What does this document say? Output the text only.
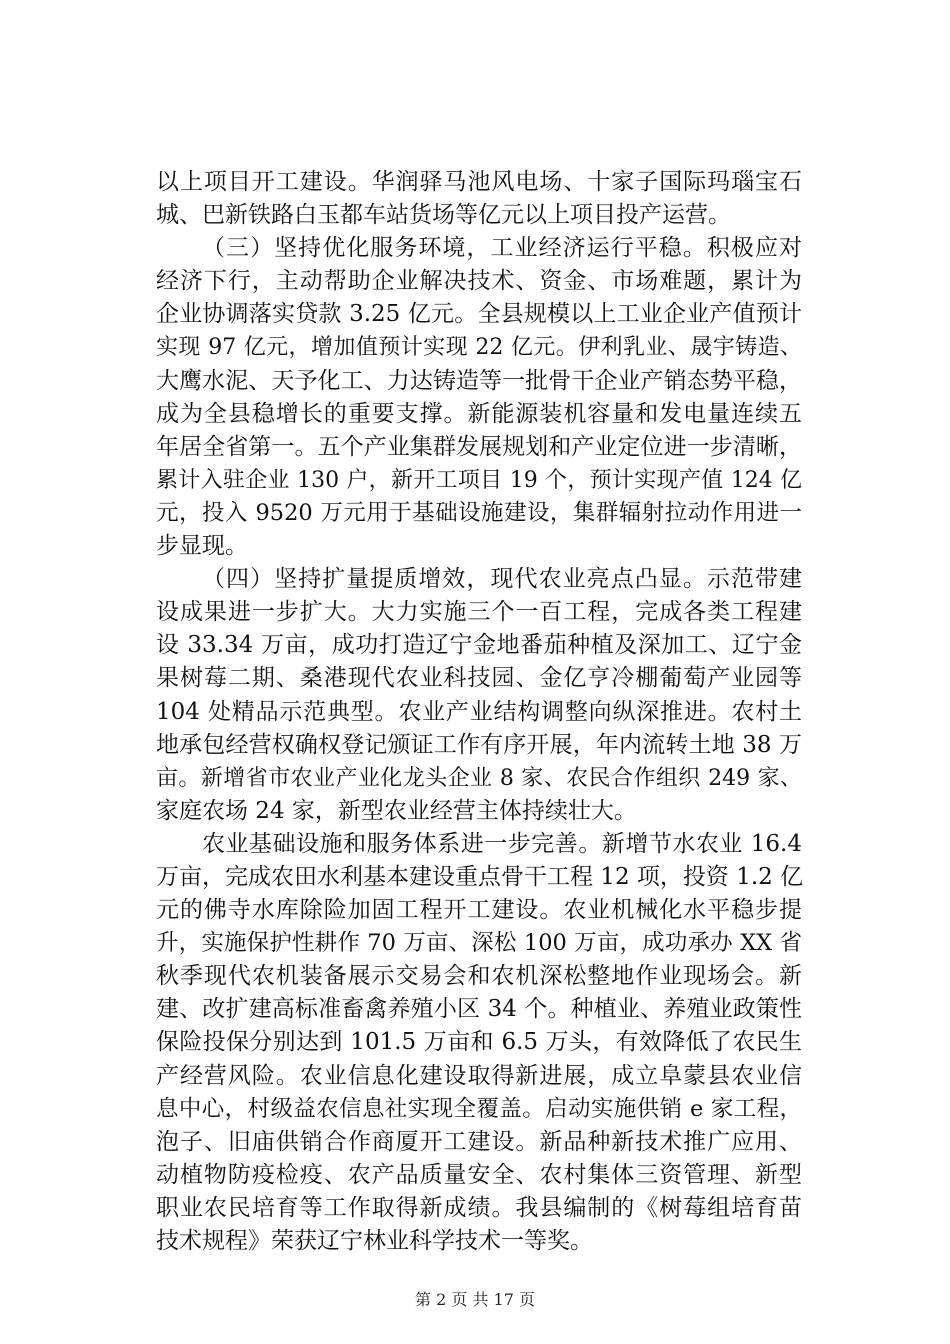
以上项目开工建设。华润驿马池风电场、十家子国际玛瑙宝石
城、巴新铁路白玉都车站货场等亿元以上项目投产运营。
（三）坚持优化服务环境，工业经济运行平稳。积极应对
经济下行，主动帮助企业解决技术、资金、市场难题，累计为
企业协调落实贷款 3.25 亿元。全县规模以上工业企业产值预计
实现 97 亿元，增加值预计实现 22 亿元。伊利乳业、晟宇铸造、
大鹰水泥、天予化工、力达铸造等一批骨干企业产销态势平稳，
成为全县稳增长的重要支撑。新能源装机容量和发电量连续五
年居全省第一。五个产业集群发展规划和产业定位进一步清晰，
累计入驻企业 130 户，新开工项目 19 个，预计实现产值 124 亿
元，投入 9520 万元用于基础设施建设，集群辐射拉动作用进一
步显现。
（四）坚持扩量提质增效，现代农业亮点凸显。示范带建
设成果进一步扩大。大力实施三个一百工程，完成各类工程建
设 33.34 万亩，成功打造辽宁金地番茄种植及深加工、辽宁金
果树莓二期、桑港现代农业科技园、金亿亨冷棚葡萄产业园等
104 处精品示范典型。农业产业结构调整向纵深推进。农村土
地承包经营权确权登记颁证工作有序开展，年内流转土地 38 万
亩。新增省市农业产业化龙头企业 8 家、农民合作组织 249 家、
家庭农场 24 家，新型农业经营主体持续壮大。
农业基础设施和服务体系进一步完善。新增节水农业 16.4
万亩，完成农田水利基本建设重点骨干工程 12 项，投资 1.2 亿
元的佛寺水库除险加固工程开工建设。农业机械化水平稳步提
升，实施保护性耕作 70 万亩、深松 100 万亩，成功承办 XX 省
秋季现代农机装备展示交易会和农机深松整地作业现场会。新
建、改扩建高标准畜禽养殖小区 34 个。种植业、养殖业政策性
保险投保分别达到 101.5 万亩和 6.5 万头，有效降低了农民生
产经营风险。农业信息化建设取得新进展，成立阜蒙县农业信
息中心，村级益农信息社实现全覆盖。启动实施供销 e 家工程，
泡子、旧庙供销合作商厦开工建设。新品种新技术推广应用、
动植物防疫检疫、农产品质量安全、农村集体三资管理、新型
职业农民培育等工作取得新成绩。我县编制的《树莓组培育苗
技术规程》荣获辽宁林业科学技术一等奖。
第 2 页 共 17 页
